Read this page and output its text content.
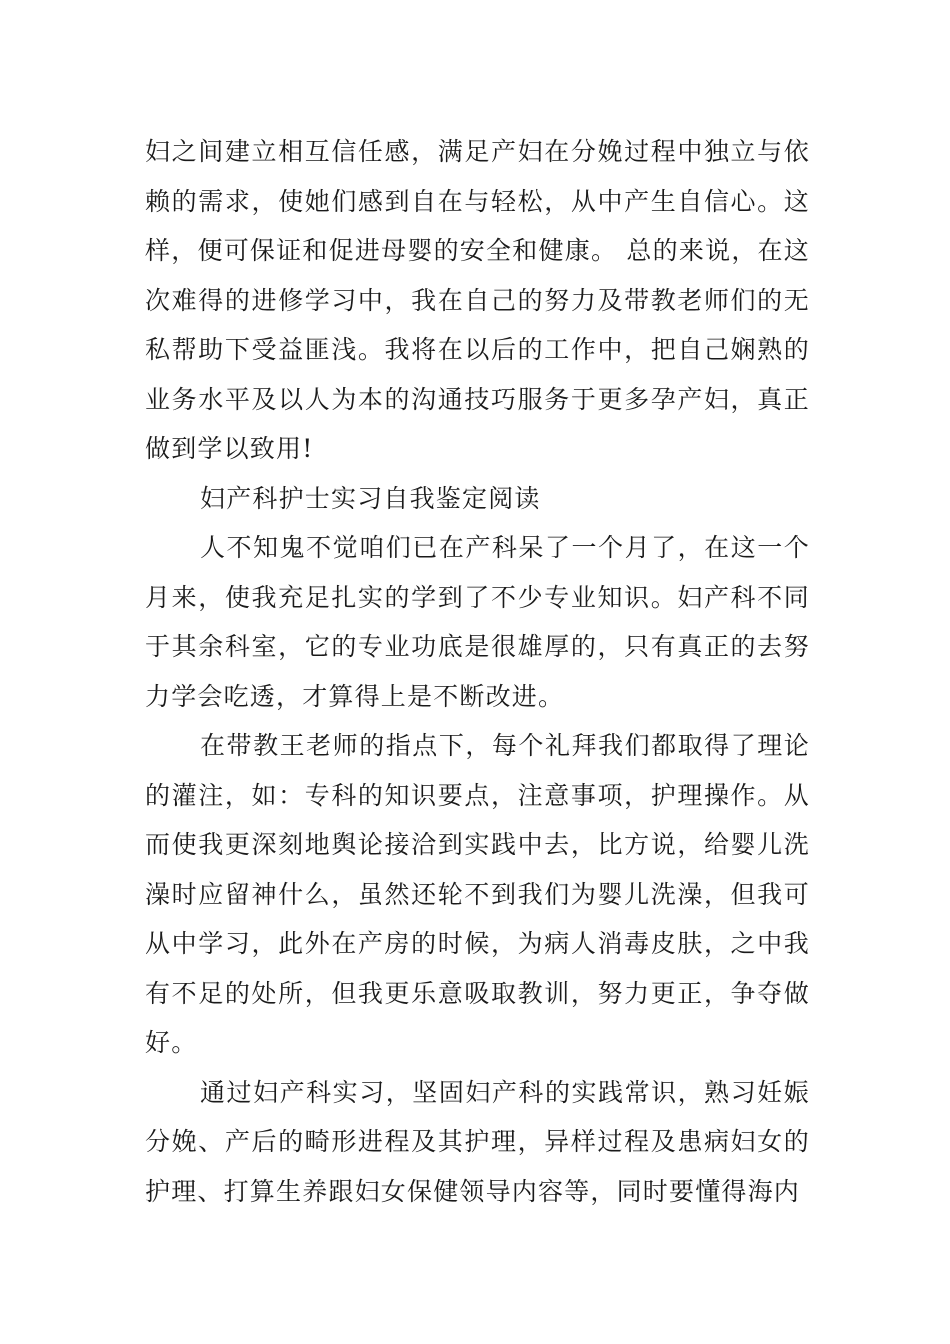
妇之间建立相互信任感，满足产妇在分娩过程中独立与依赖的需求，使她们感到自在与轻松，从中产生自信心。这样，便可保证和促进母婴的安全和健康。 总的来说，在这次难得的进修学习中，我在自己的努力及带教老师们的无私帮助下受益匪浅。我将在以后的工作中，把自己娴熟的业务水平及以人为本的沟通技巧服务于更多孕产妇，真正做到学以致用!

妇产科护士实习自我鉴定阅读

人不知鬼不觉咱们已在产科呆了一个月了，在这一个月来，使我充足扎实的学到了不少专业知识。妇产科不同于其余科室，它的专业功底是很雄厚的，只有真正的去努力学会吃透，才算得上是不断改进。

在带教王老师的指点下，每个礼拜我们都取得了理论的灌注，如：专科的知识要点，注意事项，护理操作。从而使我更深刻地舆论接洽到实践中去，比方说，给婴儿洗澡时应留神什么，虽然还轮不到我们为婴儿洗澡，但我可从中学习，此外在产房的时候，为病人消毒皮肤，之中我有不足的处所，但我更乐意吸取教训，努力更正，争夺做好。

通过妇产科实习，坚固妇产科的实践常识，熟习妊娠分娩、产后的畸形进程及其护理，异样过程及患病妇女的护理、打算生养跟妇女保健领导内容等，同时要懂得海内
